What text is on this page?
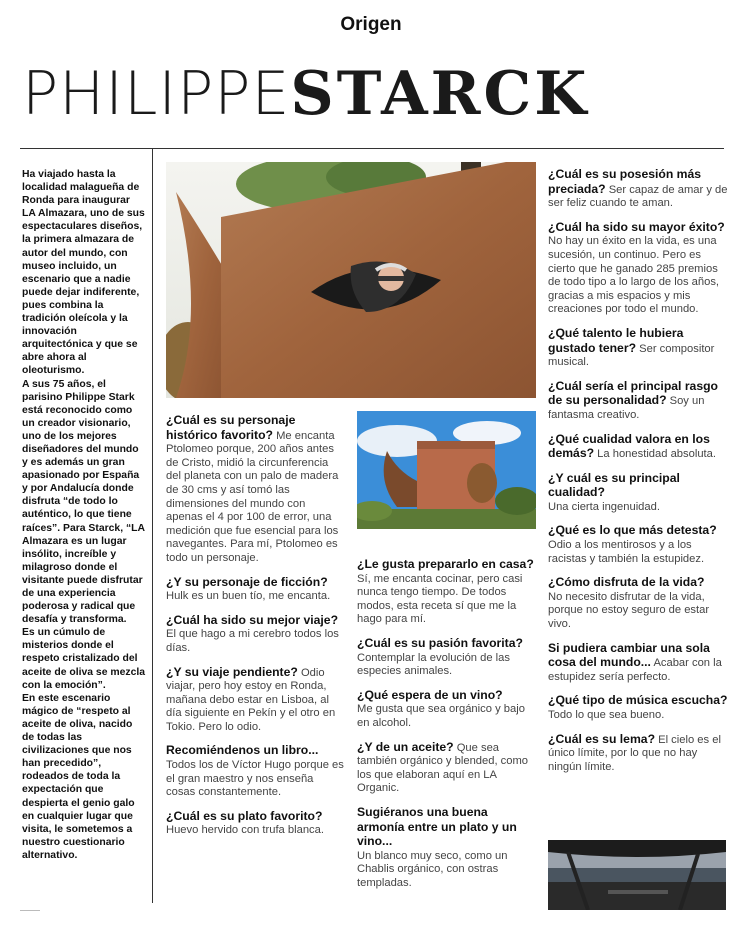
Origen
PHILIPPESTARCK

Ha viajado hasta la localidad malagueña de Ronda para inaugurar LA Almazara, uno de sus espectaculares diseños, la primera almazara de autor del mundo, con museo incluido, un escenario que a nadie puede dejar indiferente, pues combina la tradición oleícola y la innovación arquitectónica y que se abre ahora al oleoturismo.

A sus 75 años, el parisino Philippe Stark está reconocido como un creador visionario, uno de los mejores diseñadores del mundo y es además un gran apasionado por España y por Andalucía donde disfruta “de todo lo auténtico, lo que tiene raíces”. Para Starck, “LA Almazara es un lugar insólito, increíble y milagroso donde el visitante puede disfrutar de una experiencia poderosa y radical que desafía y transforma.

Es un cúmulo de misterios donde el respeto cristalizado del aceite de oliva se mezcla con la emoción”.

En este escenario mágico de “respeto al aceite de oliva, nacido de todas las civilizaciones que nos han precedido”, rodeados de toda la expectación que despierta el genio galo en cualquier lugar que visita, le sometemos a nuestro cuestionario alternativo.

¿Cuál es su personaje histórico favorito? Me encanta Ptolomeo porque, 200 años antes de Cristo, midió la circunferencia del planeta con un palo de madera de 30 cms y así tomó las dimensiones del mundo con apenas el 4 por 100 de error, una medición que fue esencial para los navegantes. Para mí, Ptolomeo es todo un personaje.

¿Y su personaje de ficción?
Hulk es un buen tío, me encanta.

¿Cuál ha sido su mejor viaje?
El que hago a mi cerebro todos los días.

¿Y su viaje pendiente? Odio viajar, pero hoy estoy en Ronda, mañana debo estar en Lisboa, al día siguiente en Pekín y el otro en Tokio. Pero lo odio.

Recomiéndenos un libro...
Todos los de Víctor Hugo porque es el gran maestro y nos enseña cosas constantemente.

¿Cuál es su plato favorito?
Huevo hervido con trufa blanca.

¿Le gusta prepararlo en casa?
Sí, me encanta cocinar, pero casi nunca tengo tiempo. De todos modos, esta receta sí que me la hago para mí.

¿Cuál es su pasión favorita?
Contemplar la evolución de las especies animales.

¿Qué espera de un vino?
Me gusta que sea orgánico y bajo en alcohol.

¿Y de un aceite? Que sea también orgánico y blended, como los que elaboran aquí en LA Organic.

Sugiéranos una buena armonía entre un plato y un vino...
Un blanco muy seco, como un Chablis orgánico, con ostras templadas.

¿Cuál es su posesión más preciada? Ser capaz de amar y de ser feliz cuando te aman.

¿Cuál ha sido su mayor éxito?
No hay un éxito en la vida, es una sucesión, un continuo. Pero es cierto que he ganado 285 premios de todo tipo a lo largo de los años, gracias a mis espacios y mis creaciones por todo el mundo.

¿Qué talento le hubiera gustado tener? Ser compositor musical.

¿Cuál sería el principal rasgo de su personalidad? Soy un fantasma creativo.

¿Qué cualidad valora en los demás? La honestidad absoluta.

¿Y cuál es su principal cualidad?
Una cierta ingenuidad.

¿Qué es lo que más detesta?
Odio a los mentirosos y a los racistas y también la estupidez.

¿Cómo disfruta de la vida?
No necesito disfrutar de la vida, porque no estoy seguro de estar vivo.

Si pudiera cambiar una sola cosa del mundo... Acabar con la estupidez sería perfecto.

¿Qué tipo de música escucha?
Todo lo que sea bueno.

¿Cuál es su lema? El cielo es el único límite, por lo que no hay ningún límite.
